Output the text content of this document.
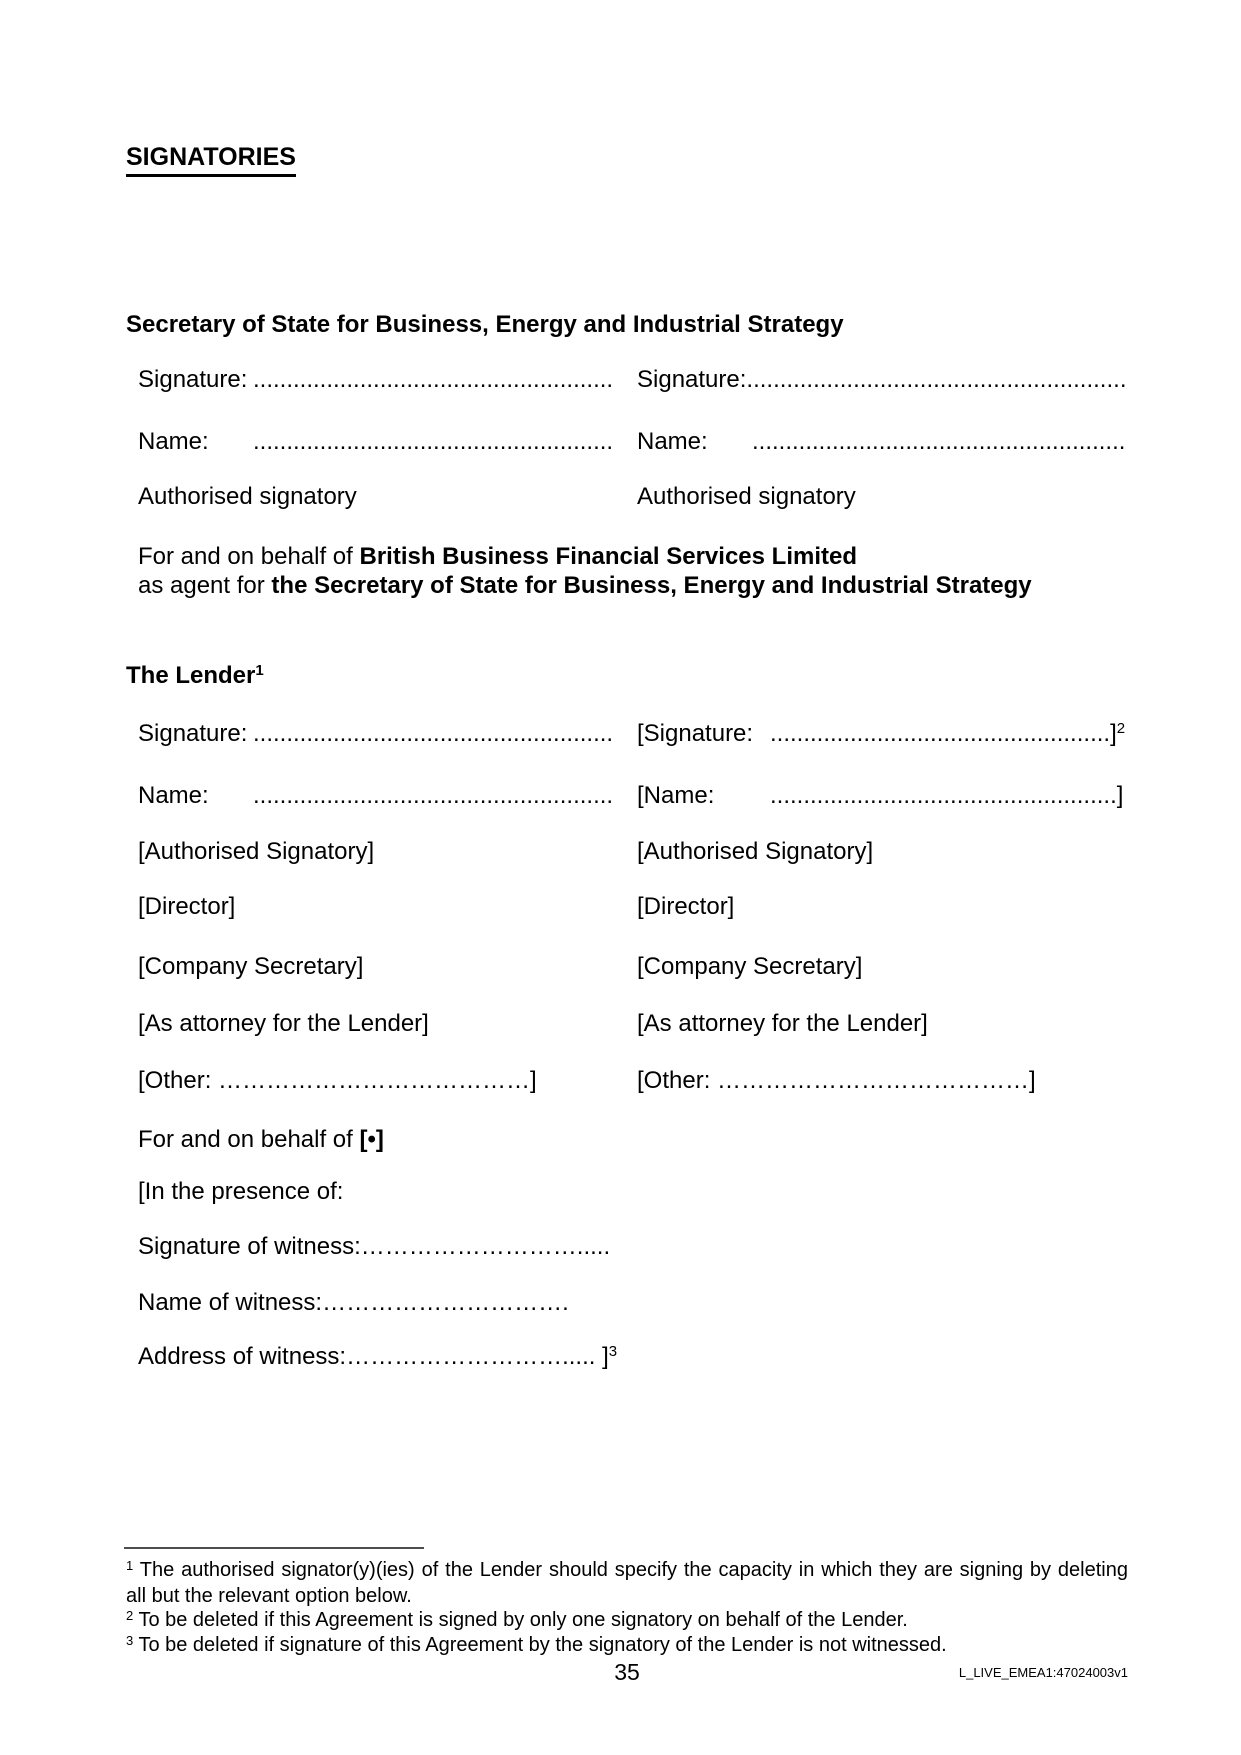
SIGNATORIES
Secretary of State for Business, Energy and Industrial Strategy
Signature: ...................................................... Signature:.........................................................
Name: ...................................................... Name: ........................................................
Authorised signatory	Authorised signatory
For and on behalf of British Business Financial Services Limited
as agent for the Secretary of State for Business, Energy and Industrial Strategy
The Lender$^1$
Signature: ...................................................... [Signature: ...................................................]$^2$
Name: ...................................................... [Name: ....................................................]
[Authorised Signatory]	[Authorised Signatory]
[Director]	[Director]
[Company Secretary]	[Company Secretary]
[As attorney for the Lender]	[As attorney for the Lender]
[Other: …………………………………]	[Other: …………………………………]
For and on behalf of [•]
[In the presence of:
Signature of witness:……………………….....
Name of witness:………………………….
Address of witness:………………………..... ]$^3$
$^1$ The authorised signator(y)(ies) of the Lender should specify the capacity in which they are signing by deleting all but the relevant option below.
$^2$ To be deleted if this Agreement is signed by only one signatory on behalf of the Lender.
$^3$ To be deleted if signature of this Agreement by the signatory of the Lender is not witnessed.
35	L_LIVE_EMEA1:47024003v1
